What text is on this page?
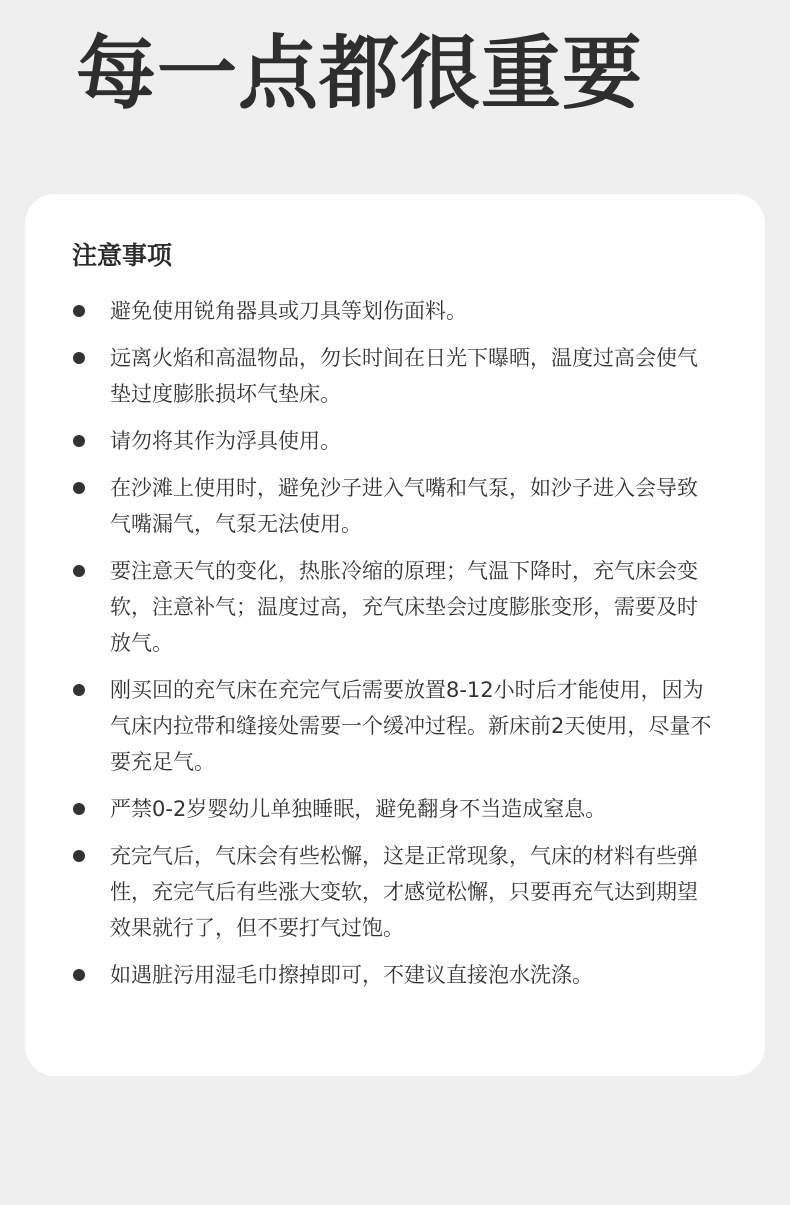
每一点都很重要
注意事项
避免使用锐角器具或刀具等划伤面料。
远离火焰和高温物品，勿长时间在日光下曝晒，温度过高会使气垫过度膨胀损坏气垫床。
请勿将其作为浮具使用。
在沙滩上使用时，避免沙子进入气嘴和气泵，如沙子进入会导致气嘴漏气，气泵无法使用。
要注意天气的变化，热胀冷缩的原理；气温下降时，充气床会变软，注意补气；温度过高，充气床垫会过度膨胀变形，需要及时放气。
刚买回的充气床在充完气后需要放置8-12小时后才能使用，因为气床内拉带和缝接处需要一个缓冲过程。新床前2天使用，尽量不要充足气。
严禁0-2岁婴幼儿单独睡眠，避免翻身不当造成窒息。
充完气后，气床会有些松懈，这是正常现象，气床的材料有些弹性，充完气后有些涨大变软，才感觉松懈，只要再充气达到期望效果就行了，但不要打气过饱。
如遇脏污用湿毛巾擦掉即可，不建议直接泡水洗涤。
